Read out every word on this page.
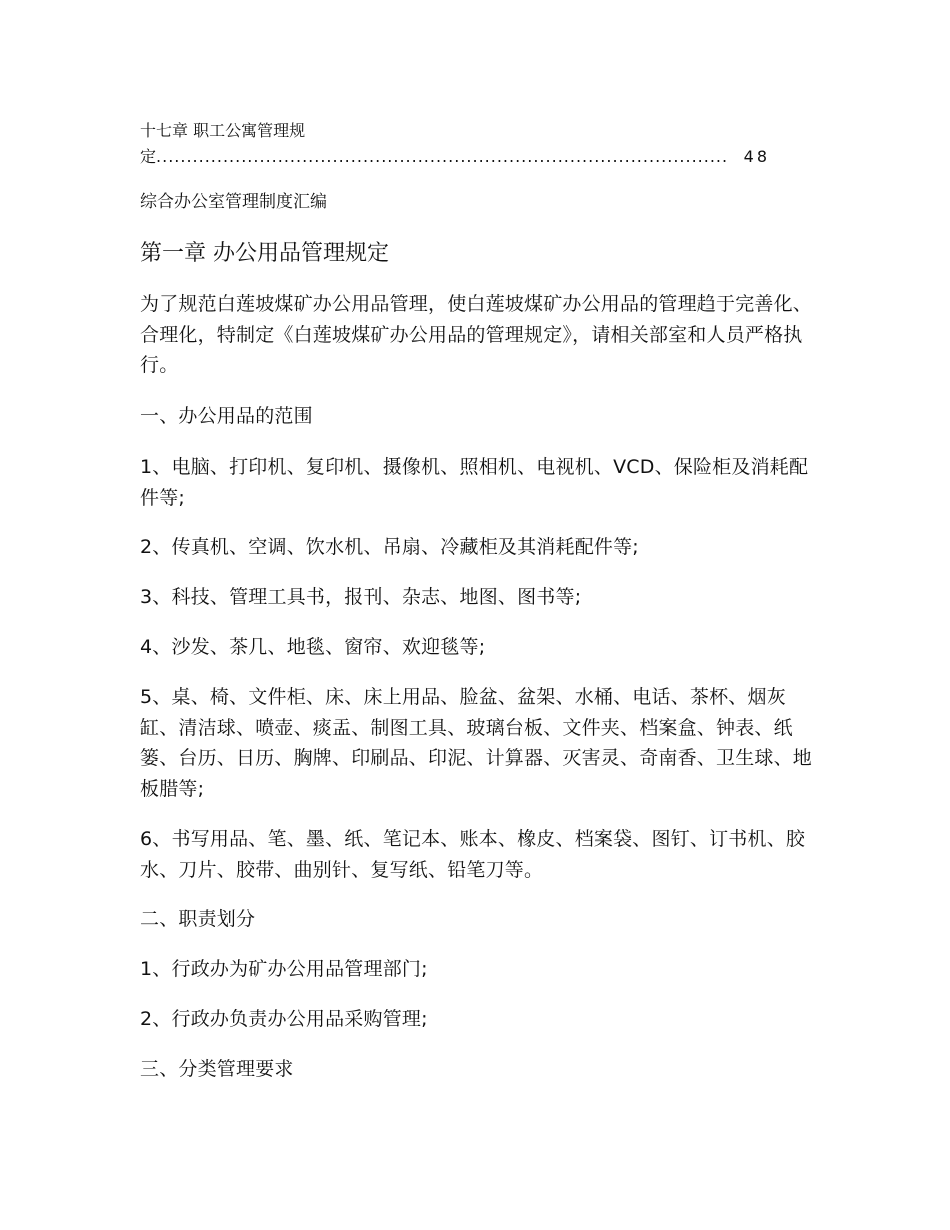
十七章 职工公寓管理规
定 .............................................................................................. 48
综合办公室管理制度汇编
第一章 办公用品管理规定

为了规范白莲坡煤矿办公用品管理，使白莲坡煤矿办公用品的管理趋于完善化、合理化，特制定《白莲坡煤矿办公用品的管理规定》，请相关部室和人员严格执行。

一、办公用品的范围

1、电脑、打印机、复印机、摄像机、照相机、电视机、VCD、保险柜及消耗配件等;

2、传真机、空调、饮水机、吊扇、冷藏柜及其消耗配件等;

3、科技、管理工具书，报刊、杂志、地图、图书等;

4、沙发、茶几、地毯、窗帘、欢迎毯等;

5、桌、椅、文件柜、床、床上用品、脸盆、盆架、水桶、电话、茶杯、烟灰缸、清洁球、喷壶、痰盂、制图工具、玻璃台板、文件夹、档案盒、钟表、纸篓、台历、日历、胸牌、印刷品、印泥、计算器、灭害灵、奇南香、卫生球、地板腊等;

6、书写用品、笔、墨、纸、笔记本、账本、橡皮、档案袋、图钉、订书机、胶水、刀片、胶带、曲别针、复写纸、铅笔刀等。

二、职责划分

1、行政办为矿办公用品管理部门;

2、行政办负责办公用品采购管理;

三、分类管理要求
